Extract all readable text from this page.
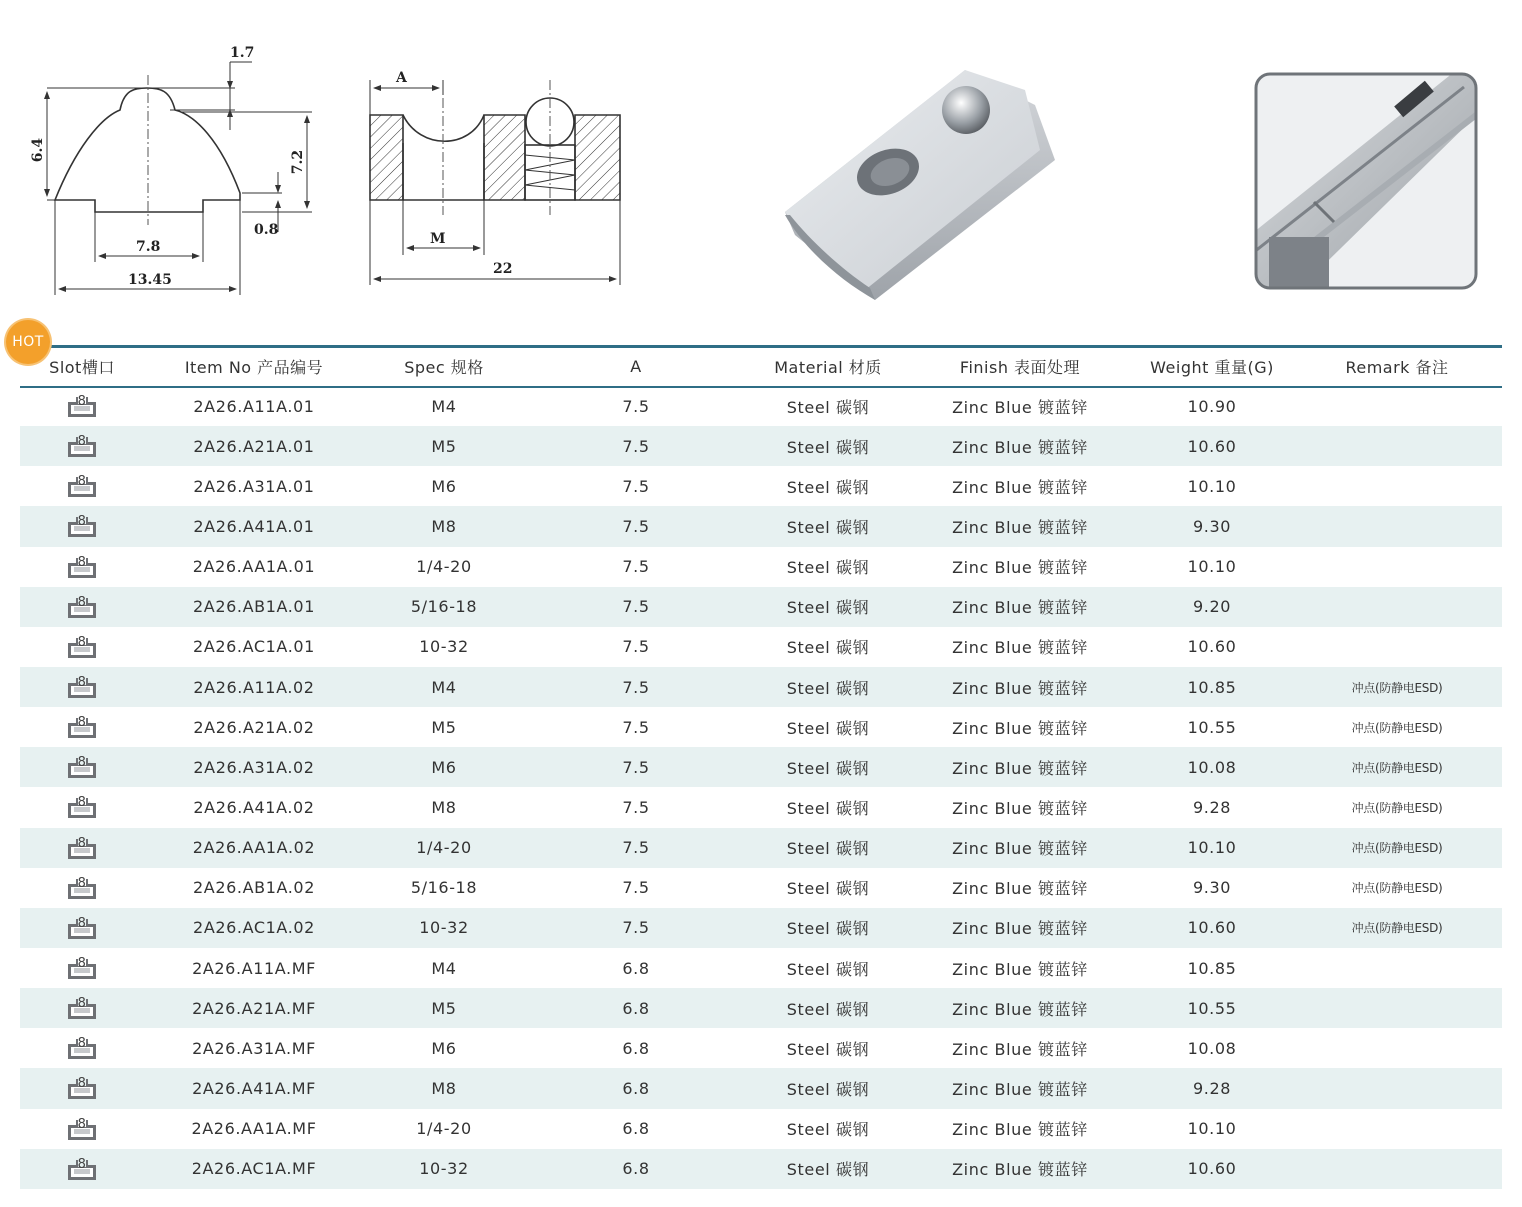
1.7
6.4	7.2
0.8
7.8
13.45
A
M
22
HOT
Slot槽口	Item No 产品编号	Spec 规格	A	Material 材质	Finish 表面处理	Weight 重量(G)	Remark 备注

8	2A26.A11A.01	M4	7.5	Steel 碳钢	Zinc Blue 镀蓝锌	10.90	

8	2A26.A21A.01	M5	7.5	Steel 碳钢	Zinc Blue 镀蓝锌	10.60	

8	2A26.A31A.01	M6	7.5	Steel 碳钢	Zinc Blue 镀蓝锌	10.10	

8	2A26.A41A.01	M8	7.5	Steel 碳钢	Zinc Blue 镀蓝锌	9.30	

8	2A26.AA1A.01	1/4-20	7.5	Steel 碳钢	Zinc Blue 镀蓝锌	10.10	

8	2A26.AB1A.01	5/16-18	7.5	Steel 碳钢	Zinc Blue 镀蓝锌	9.20	

8	2A26.AC1A.01	10-32	7.5	Steel 碳钢	Zinc Blue 镀蓝锌	10.60	

8	2A26.A11A.02	M4	7.5	Steel 碳钢	Zinc Blue 镀蓝锌	10.85	冲点(防静电ESD)

8	2A26.A21A.02	M5	7.5	Steel 碳钢	Zinc Blue 镀蓝锌	10.55	冲点(防静电ESD)

8	2A26.A31A.02	M6	7.5	Steel 碳钢	Zinc Blue 镀蓝锌	10.08	冲点(防静电ESD)

8	2A26.A41A.02	M8	7.5	Steel 碳钢	Zinc Blue 镀蓝锌	9.28	冲点(防静电ESD)

8	2A26.AA1A.02	1/4-20	7.5	Steel 碳钢	Zinc Blue 镀蓝锌	10.10	冲点(防静电ESD)

8	2A26.AB1A.02	5/16-18	7.5	Steel 碳钢	Zinc Blue 镀蓝锌	9.30	冲点(防静电ESD)

8	2A26.AC1A.02	10-32	7.5	Steel 碳钢	Zinc Blue 镀蓝锌	10.60	冲点(防静电ESD)

8	2A26.A11A.MF	M4	6.8	Steel 碳钢	Zinc Blue 镀蓝锌	10.85	

8	2A26.A21A.MF	M5	6.8	Steel 碳钢	Zinc Blue 镀蓝锌	10.55	

8	2A26.A31A.MF	M6	6.8	Steel 碳钢	Zinc Blue 镀蓝锌	10.08	

8	2A26.A41A.MF	M8	6.8	Steel 碳钢	Zinc Blue 镀蓝锌	9.28	

8	2A26.AA1A.MF	1/4-20	6.8	Steel 碳钢	Zinc Blue 镀蓝锌	10.10	

8	2A26.AC1A.MF	10-32	6.8	Steel 碳钢	Zinc Blue 镀蓝锌	10.60	
